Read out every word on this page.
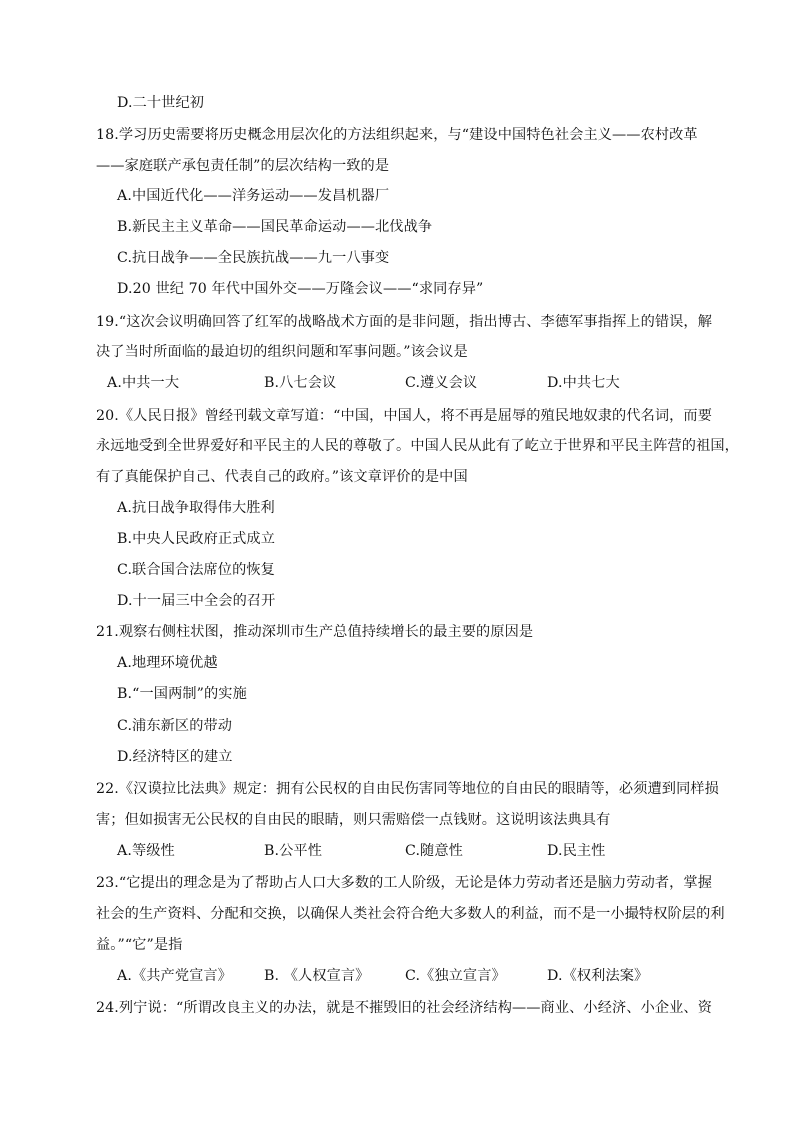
D.二十世纪初
18.学习历史需要将历史概念用层次化的方法组织起来，与“建设中国特色社会主义——农村改革
——家庭联产承包责任制”的层次结构一致的是
A.中国近代化——洋务运动——发昌机器厂
B.新民主主义革命——国民革命运动——北伐战争
C.抗日战争——全民族抗战——九一八事变
D.20 世纪 70 年代中国外交——万隆会议——“求同存异”
19.“这次会议明确回答了红军的战略战术方面的是非问题，指出博古、李德军事指挥上的错误，解
决了当时所面临的最迫切的组织问题和军事问题。”该会议是
A.中共一大	B.八七会议	C.遵义会议	D.中共七大
20.《人民日报》曾经刊载文章写道：“中国，中国人，将不再是屈辱的殖民地奴隶的代名词，而要
永远地受到全世界爱好和平民主的人民的尊敬了。中国人民从此有了屹立于世界和平民主阵营的祖国，
有了真能保护自己、代表自己的政府。”该文章评价的是中国
A.抗日战争取得伟大胜利
B.中央人民政府正式成立
C.联合国合法席位的恢复
D.十一届三中全会的召开
21.观察右侧柱状图，推动深圳市生产总值持续增长的最主要的原因是
A.地理环境优越
B.“一国两制”的实施
C.浦东新区的带动
D.经济特区的建立
22.《汉谟拉比法典》规定：拥有公民权的自由民伤害同等地位的自由民的眼睛等，必须遭到同样损
害；但如损害无公民权的自由民的眼睛，则只需赔偿一点钱财。这说明该法典具有
A.等级性	B.公平性	C.随意性	D.民主性
23.“它提出的理念是为了帮助占人口大多数的工人阶级，无论是体力劳动者还是脑力劳动者，掌握
社会的生产资料、分配和交换，以确保人类社会符合绝大多数人的利益，而不是一小撮特权阶层的利
益。”“它”是指
A.《共产党宣言》 B. 《人权宣言》	C.《独立宣言》	D.《权利法案》
24.列宁说：“所谓改良主义的办法，就是不摧毁旧的社会经济结构——商业、小经济、小企业、资
